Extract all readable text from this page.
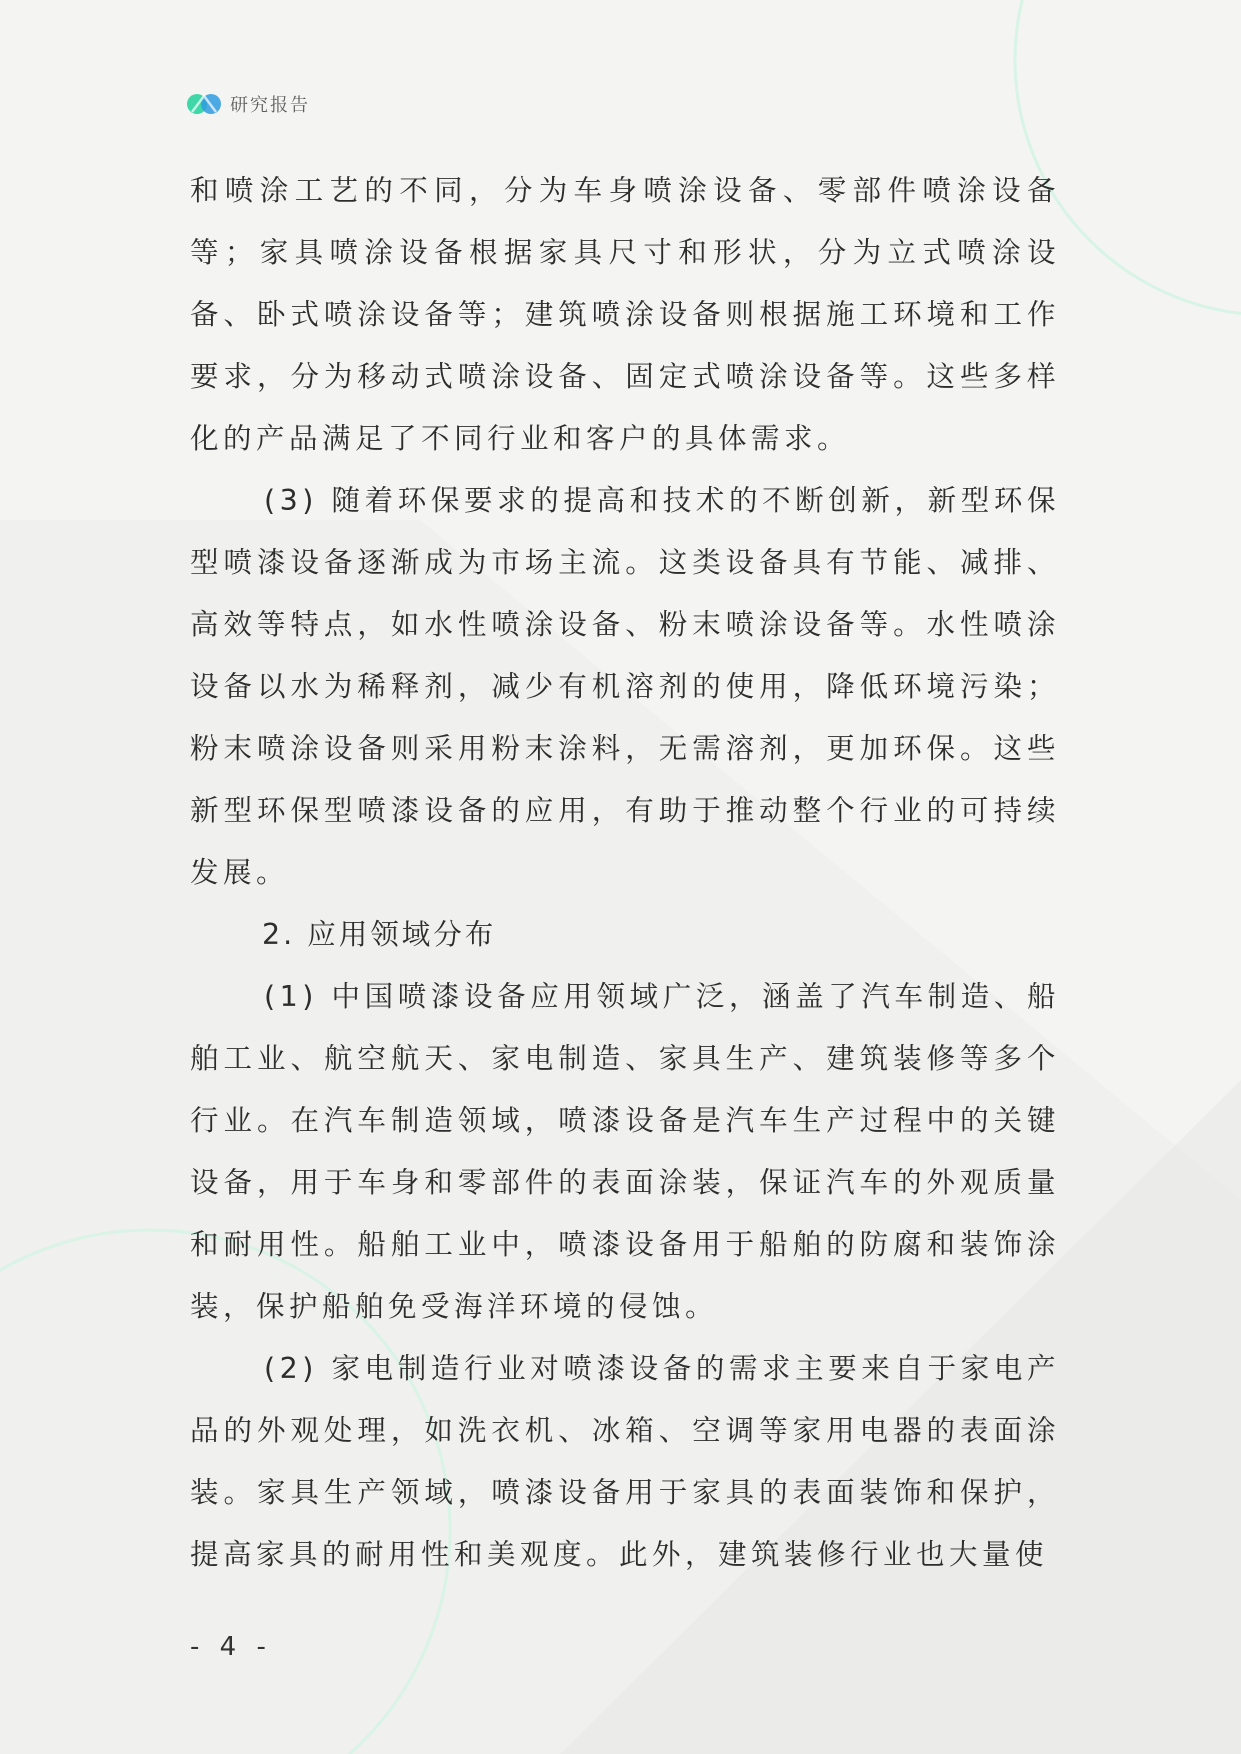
研究报告

和喷涂工艺的不同，分为车身喷涂设备、零部件喷涂设备等；家具喷涂设备根据家具尺寸和形状，分为立式喷涂设备、卧式喷涂设备等；建筑喷涂设备则根据施工环境和工作要求，分为移动式喷涂设备、固定式喷涂设备等。这些多样化的产品满足了不同行业和客户的具体需求。

(3) 随着环保要求的提高和技术的不断创新，新型环保型喷漆设备逐渐成为市场主流。这类设备具有节能、减排、高效等特点，如水性喷涂设备、粉末喷涂设备等。水性喷涂设备以水为稀释剂，减少有机溶剂的使用，降低环境污染；粉末喷涂设备则采用粉末涂料，无需溶剂，更加环保。这些新型环保型喷漆设备的应用，有助于推动整个行业的可持续发展。

2. 应用领域分布

(1) 中国喷漆设备应用领域广泛，涵盖了汽车制造、船舶工业、航空航天、家电制造、家具生产、建筑装修等多个行业。在汽车制造领域，喷漆设备是汽车生产过程中的关键设备，用于车身和零部件的表面涂装，保证汽车的外观质量和耐用性。船舶工业中，喷漆设备用于船舶的防腐和装饰涂装，保护船舶免受海洋环境的侵蚀。

(2) 家电制造行业对喷漆设备的需求主要来自于家电产品的外观处理，如洗衣机、冰箱、空调等家用电器的表面涂装。家具生产领域，喷漆设备用于家具的表面装饰和保护，提高家具的耐用性和美观度。此外，建筑装修行业也大量使

- 4 -
